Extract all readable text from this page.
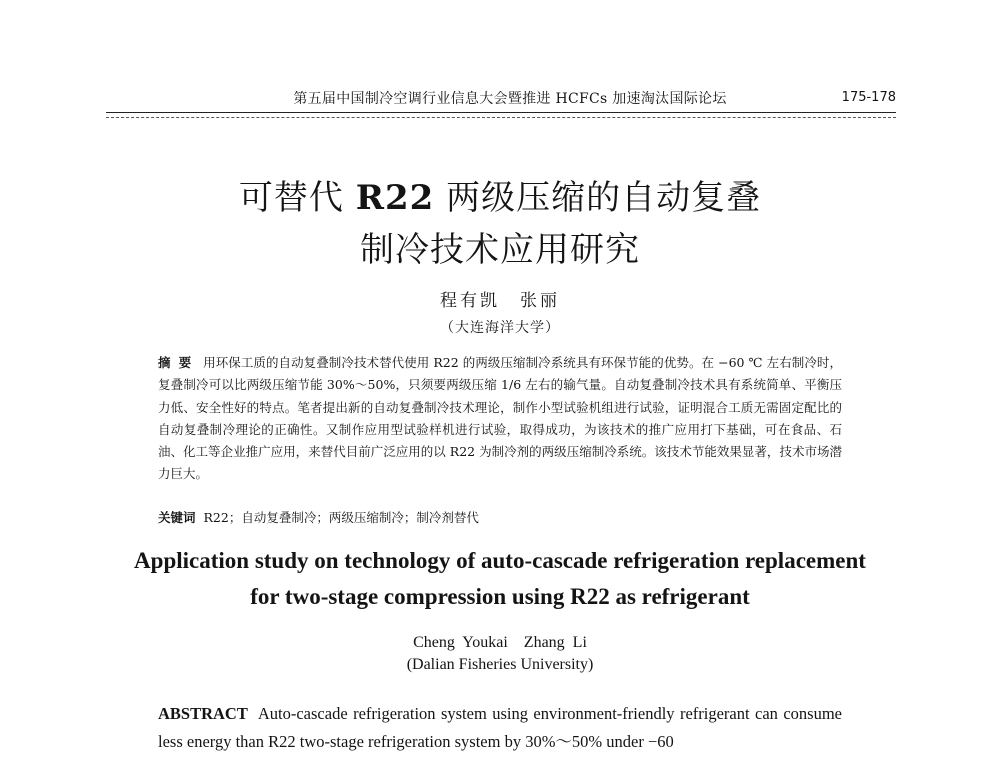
第五届中国制冷空调行业信息大会暨推进 HCFCs 加速淘汰国际论坛	175-178
可替代 R22 两级压缩的自动复叠
制冷技术应用研究
程有凯　张丽
（大连海洋大学）
摘要 用环保工质的自动复叠制冷技术替代使用 R22 的两级压缩制冷系统具有环保节能的优势。在 −60 ℃ 左右制冷时，复叠制冷可以比两级压缩节能 30%～50%，只须要两级压缩 1/6 左右的输气量。自动复叠制冷技术具有系统简单、平衡压力低、安全性好的特点。笔者提出新的自动复叠制冷技术理论，制作小型试验机组进行试验，证明混合工质无需固定配比的自动复叠制冷理论的正确性。又制作应用型试验样机进行试验，取得成功，为该技术的推广应用打下基础，可在食品、石油、化工等企业推广应用，来替代目前广泛应用的以 R22 为制冷剂的两级压缩制冷系统。该技术节能效果显著，技术市场潜力巨大。
关键词 R22；自动复叠制冷；两级压缩制冷；制冷剂替代
Application study on technology of auto-cascade refrigeration replacement
for two-stage compression using R22 as refrigerant
Cheng Youkai　Zhang Li
(Dalian Fisheries University)
ABSTRACT Auto-cascade refrigeration system using environment-friendly refrigerant can consume less energy than R22 two-stage refrigeration system by 30%～50% under −60
